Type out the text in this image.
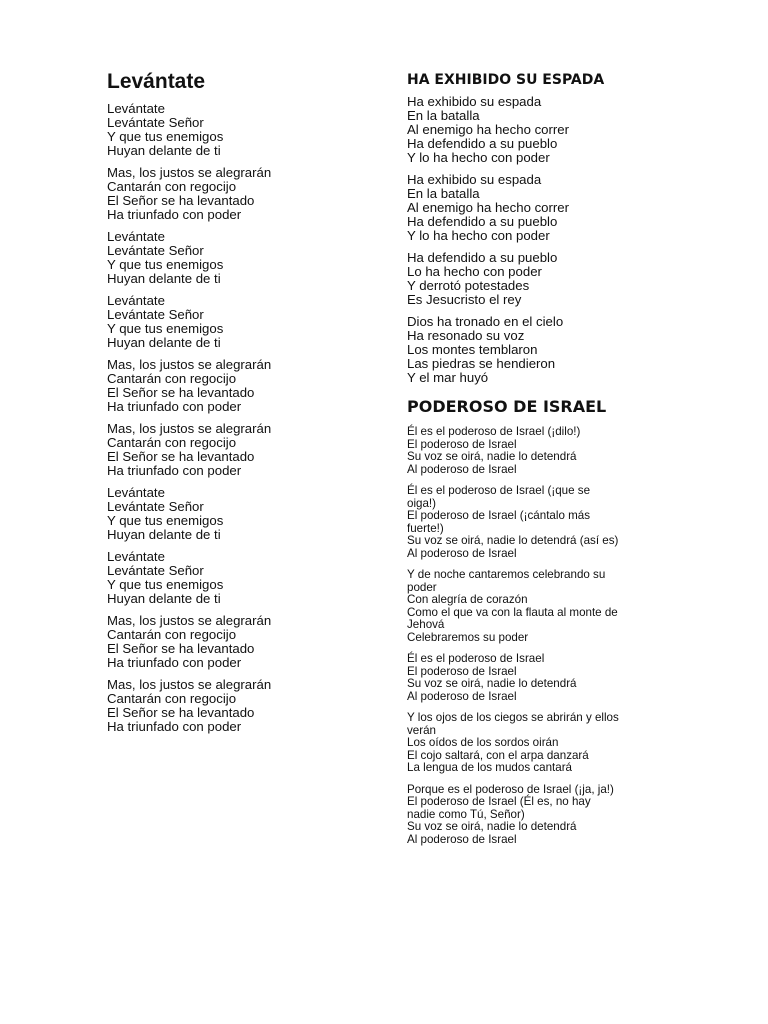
Levántate	HA EXHIBIDO SU ESPADA
PODEROSO DE ISRAEL
Levántate
Levántate Señor
Y que tus enemigos
Huyan delante de ti
Mas, los justos se alegrarán
Cantarán con regocijo
El Señor se ha levantado
Ha triunfado con poder
Levántate
Levántate Señor
Y que tus enemigos
Huyan delante de ti
Levántate
Levántate Señor
Y que tus enemigos
Huyan delante de ti
Mas, los justos se alegrarán
Cantarán con regocijo
El Señor se ha levantado
Ha triunfado con poder
Mas, los justos se alegrarán
Cantarán con regocijo
El Señor se ha levantado
Ha triunfado con poder
Levántate
Levántate Señor
Y que tus enemigos
Huyan delante de ti
Levántate
Levántate Señor
Y que tus enemigos
Huyan delante de ti
Mas, los justos se alegrarán
Cantarán con regocijo
El Señor se ha levantado
Ha triunfado con poder
Mas, los justos se alegrarán
Cantarán con regocijo
El Señor se ha levantado
Ha triunfado con poder
Ha exhibido su espada
En la batalla
Al enemigo ha hecho correr
Ha defendido a su pueblo
Y lo ha hecho con poder
Ha exhibido su espada
En la batalla
Al enemigo ha hecho correr
Ha defendido a su pueblo
Y lo ha hecho con poder
Ha defendido a su pueblo
Lo ha hecho con poder
Y derrotó potestades
Es Jesucristo el rey
Dios ha tronado en el cielo
Ha resonado su voz
Los montes temblaron
Las piedras se hendieron
Y el mar huyó
Él es el poderoso de Israel (¡dilo!)
El poderoso de Israel
Su voz se oirá, nadie lo detendrá
Al poderoso de Israel
Él es el poderoso de Israel (¡que se
oiga!)
El poderoso de Israel (¡cántalo más
fuerte!)
Su voz se oirá, nadie lo detendrá (así es)
Al poderoso de Israel
Y de noche cantaremos celebrando su
poder
Con alegría de corazón
Como el que va con la flauta al monte de
Jehová
Celebraremos su poder
Él es el poderoso de Israel
El poderoso de Israel
Su voz se oirá, nadie lo detendrá
Al poderoso de Israel
Y los ojos de los ciegos se abrirán y ellos
verán
Los oídos de los sordos oirán
El cojo saltará, con el arpa danzará
La lengua de los mudos cantará
Porque es el poderoso de Israel (¡ja, ja!)
El poderoso de Israel (Él es, no hay
nadie como Tú, Señor)
Su voz se oirá, nadie lo detendrá
Al poderoso de Israel
